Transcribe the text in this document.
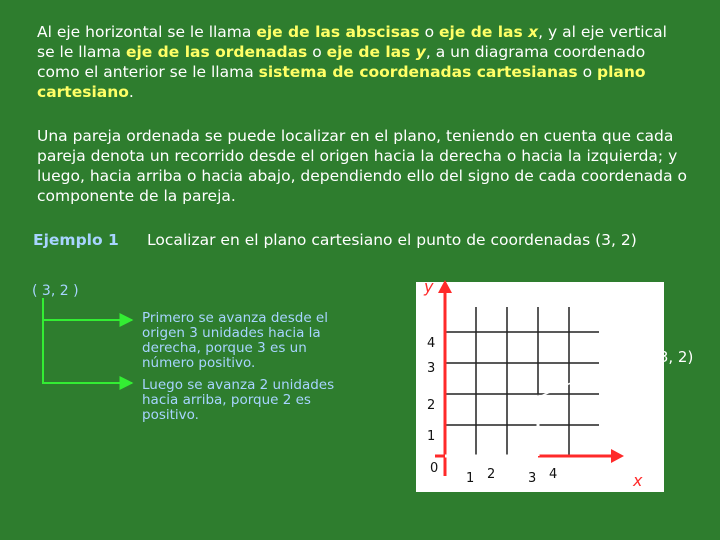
Al eje horizontal se le llama eje de las abscisas o eje de las x, y al eje vertical se le llama eje de las ordenadas o eje de las y, a un diagrama coordenado como el anterior se le llama sistema de coordenadas cartesianas o plano cartesiano.

Una pareja ordenada se puede localizar en el plano, teniendo en cuenta que cada pareja denota un recorrido desde el origen hacia la derecha o hacia la izquierda; y luego, hacia arriba o hacia abajo, dependiendo ello del signo de cada coordenada o componente de la pareja.

Ejemplo 1 Localizar en el plano cartesiano el punto de coordenadas (3, 2)
( 3, 2 )
Primero se avanza desde el origen 3 unidades hacia la derecha, porque 3 es un número positivo.
Luego se avanza 2 unidades hacia arriba, porque 2 es positivo.
1 2	3 4
1
2
3
4
x
y
0
(3, 2)
